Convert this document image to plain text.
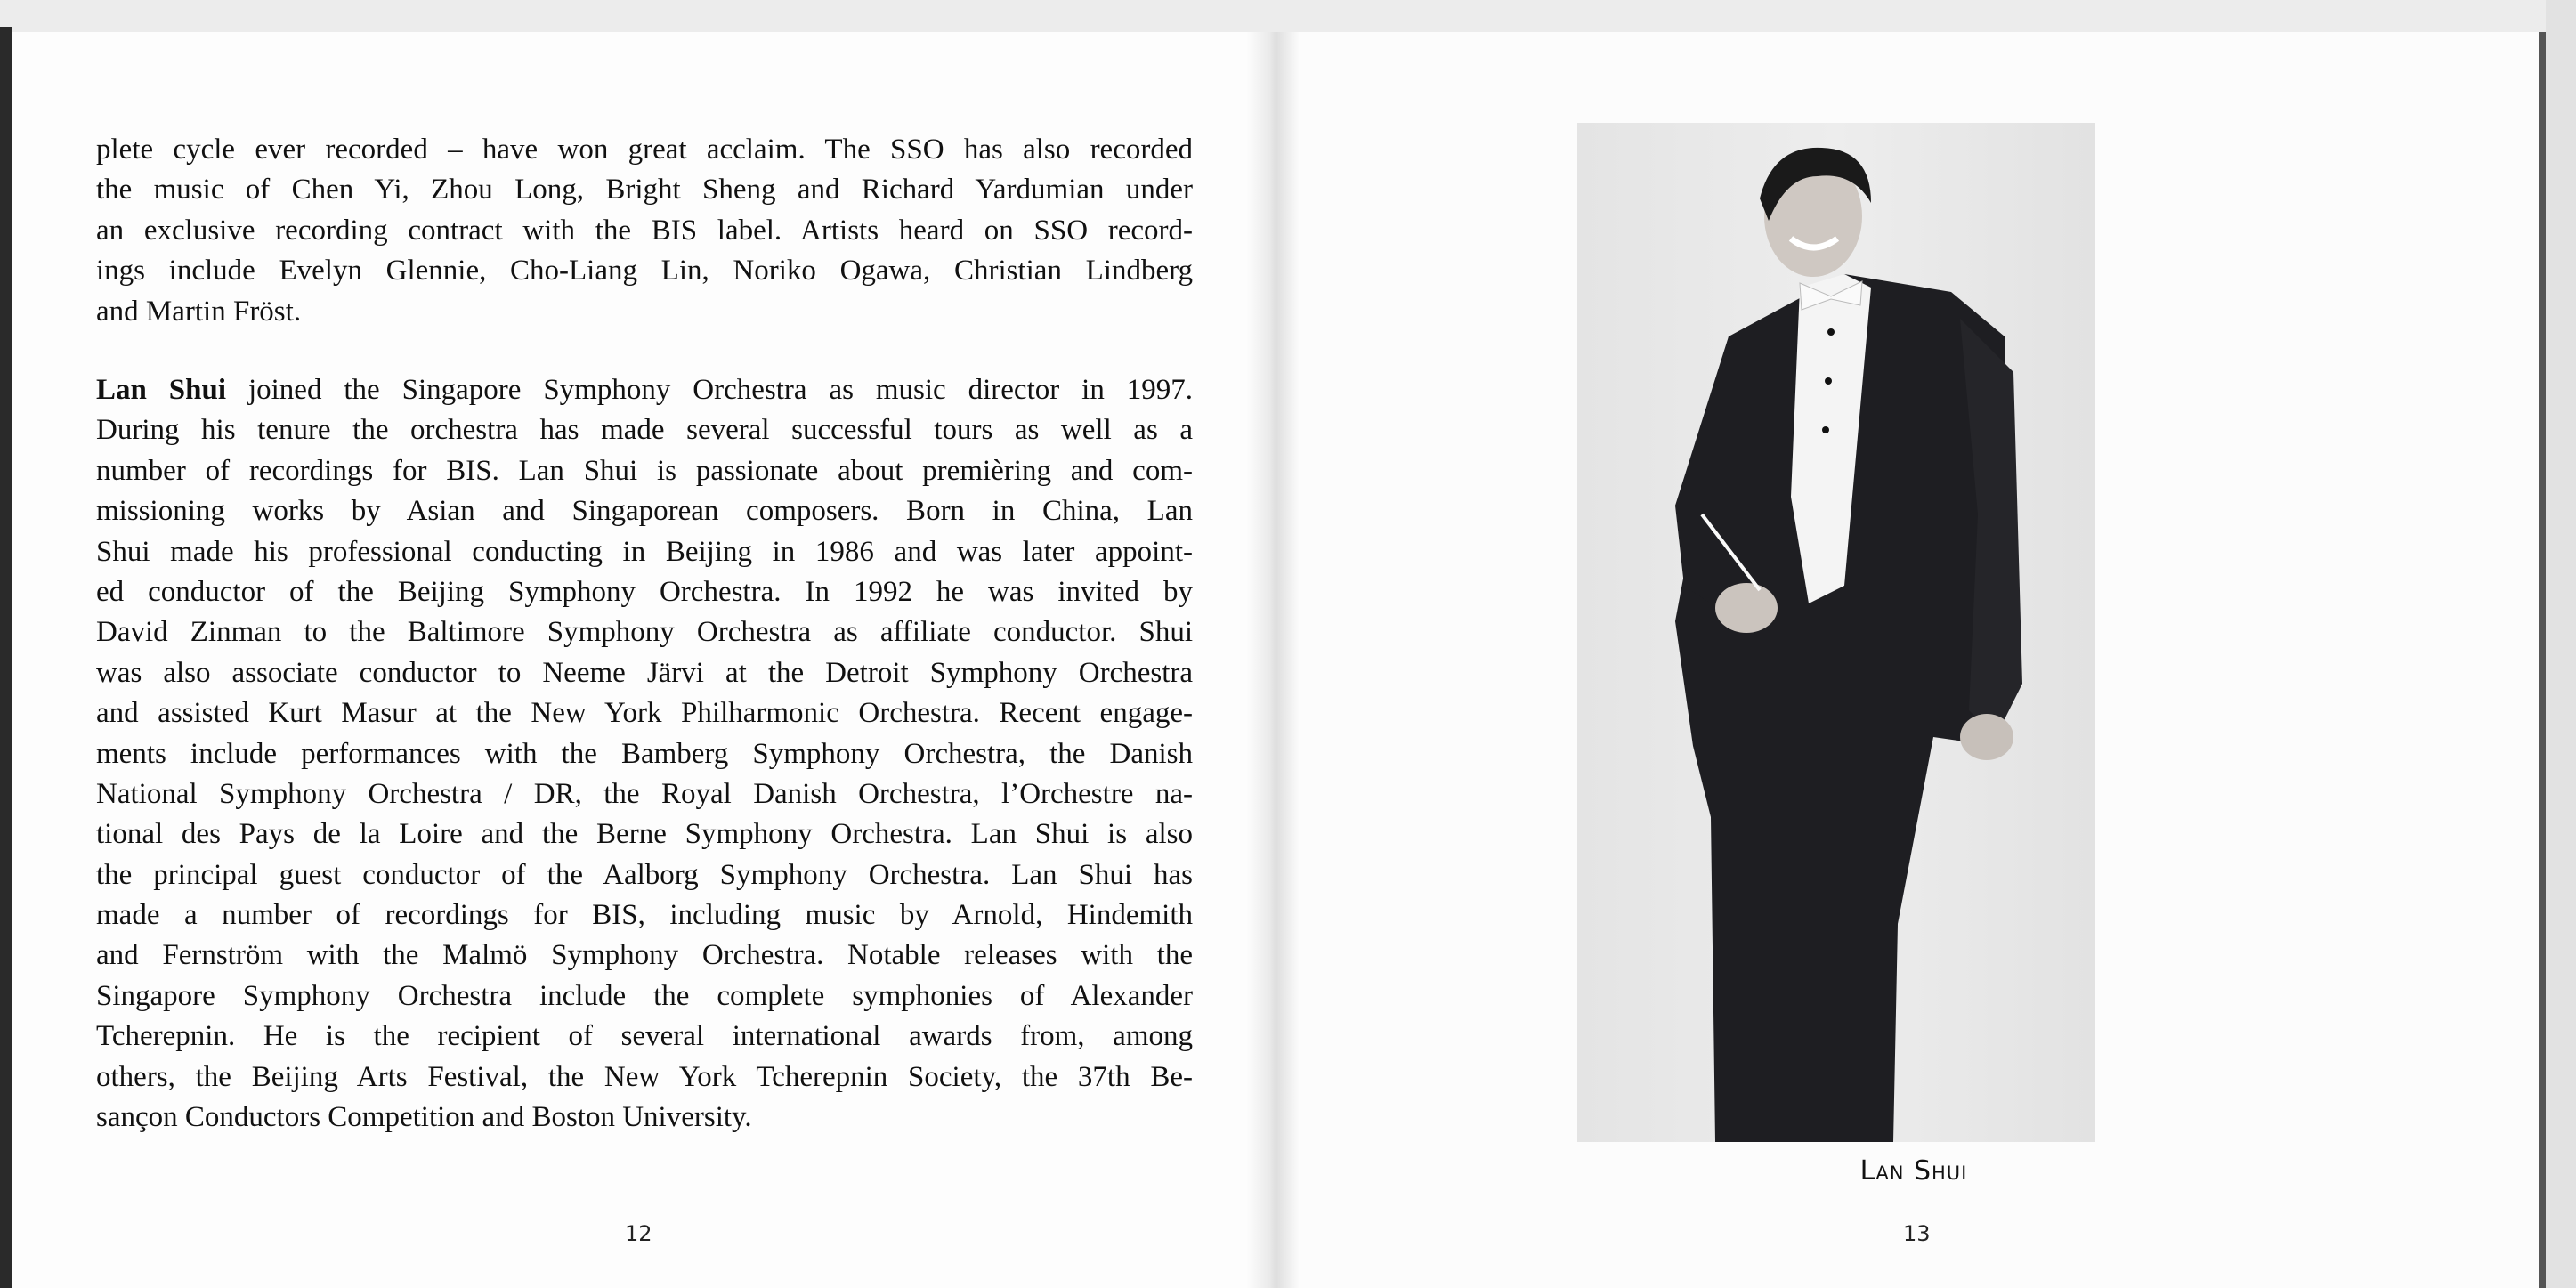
plete cycle ever recorded – have won great acclaim. The SSO has also recorded
the music of Chen Yi, Zhou Long, Bright Sheng and Richard Yardumian under
an exclusive recording contract with the BIS label. Artists heard on SSO record-
ings include Evelyn Glennie, Cho-Liang Lin, Noriko Ogawa, Christian Lindberg
and Martin Fröst.
Lan Shui joined the Singapore Symphony Orchestra as music director in 1997.
During his tenure the orchestra has made several successful tours as well as a
number of recordings for BIS. Lan Shui is passionate about premièring and com-
missioning works by Asian and Singaporean composers. Born in China, Lan
Shui made his professional conducting in Beijing in 1986 and was later appoint-
ed conductor of the Beijing Symphony Orchestra. In 1992 he was invited by
David Zinman to the Baltimore Symphony Orchestra as affiliate conductor. Shui
was also associate conductor to Neeme Järvi at the Detroit Symphony Orchestra
and assisted Kurt Masur at the New York Philharmonic Orchestra. Recent engage-
ments include performances with the Bamberg Symphony Orchestra, the Danish
National Symphony Orchestra / DR, the Royal Danish Orchestra, l’Orchestre na-
tional des Pays de la Loire and the Berne Symphony Orchestra. Lan Shui is also
the principal guest conductor of the Aalborg Symphony Orchestra. Lan Shui has
made a number of recordings for BIS, including music by Arnold, Hindemith
and Fernström with the Malmö Symphony Orchestra. Notable releases with the
Singapore Symphony Orchestra include the complete symphonies of Alexander
Tcherepnin. He is the recipient of several international awards from, among
others, the Beijing Arts Festival, the New York Tcherepnin Society, the 37th Be-
sançon Conductors Competition and Boston University.
12
Lan Shui
13
